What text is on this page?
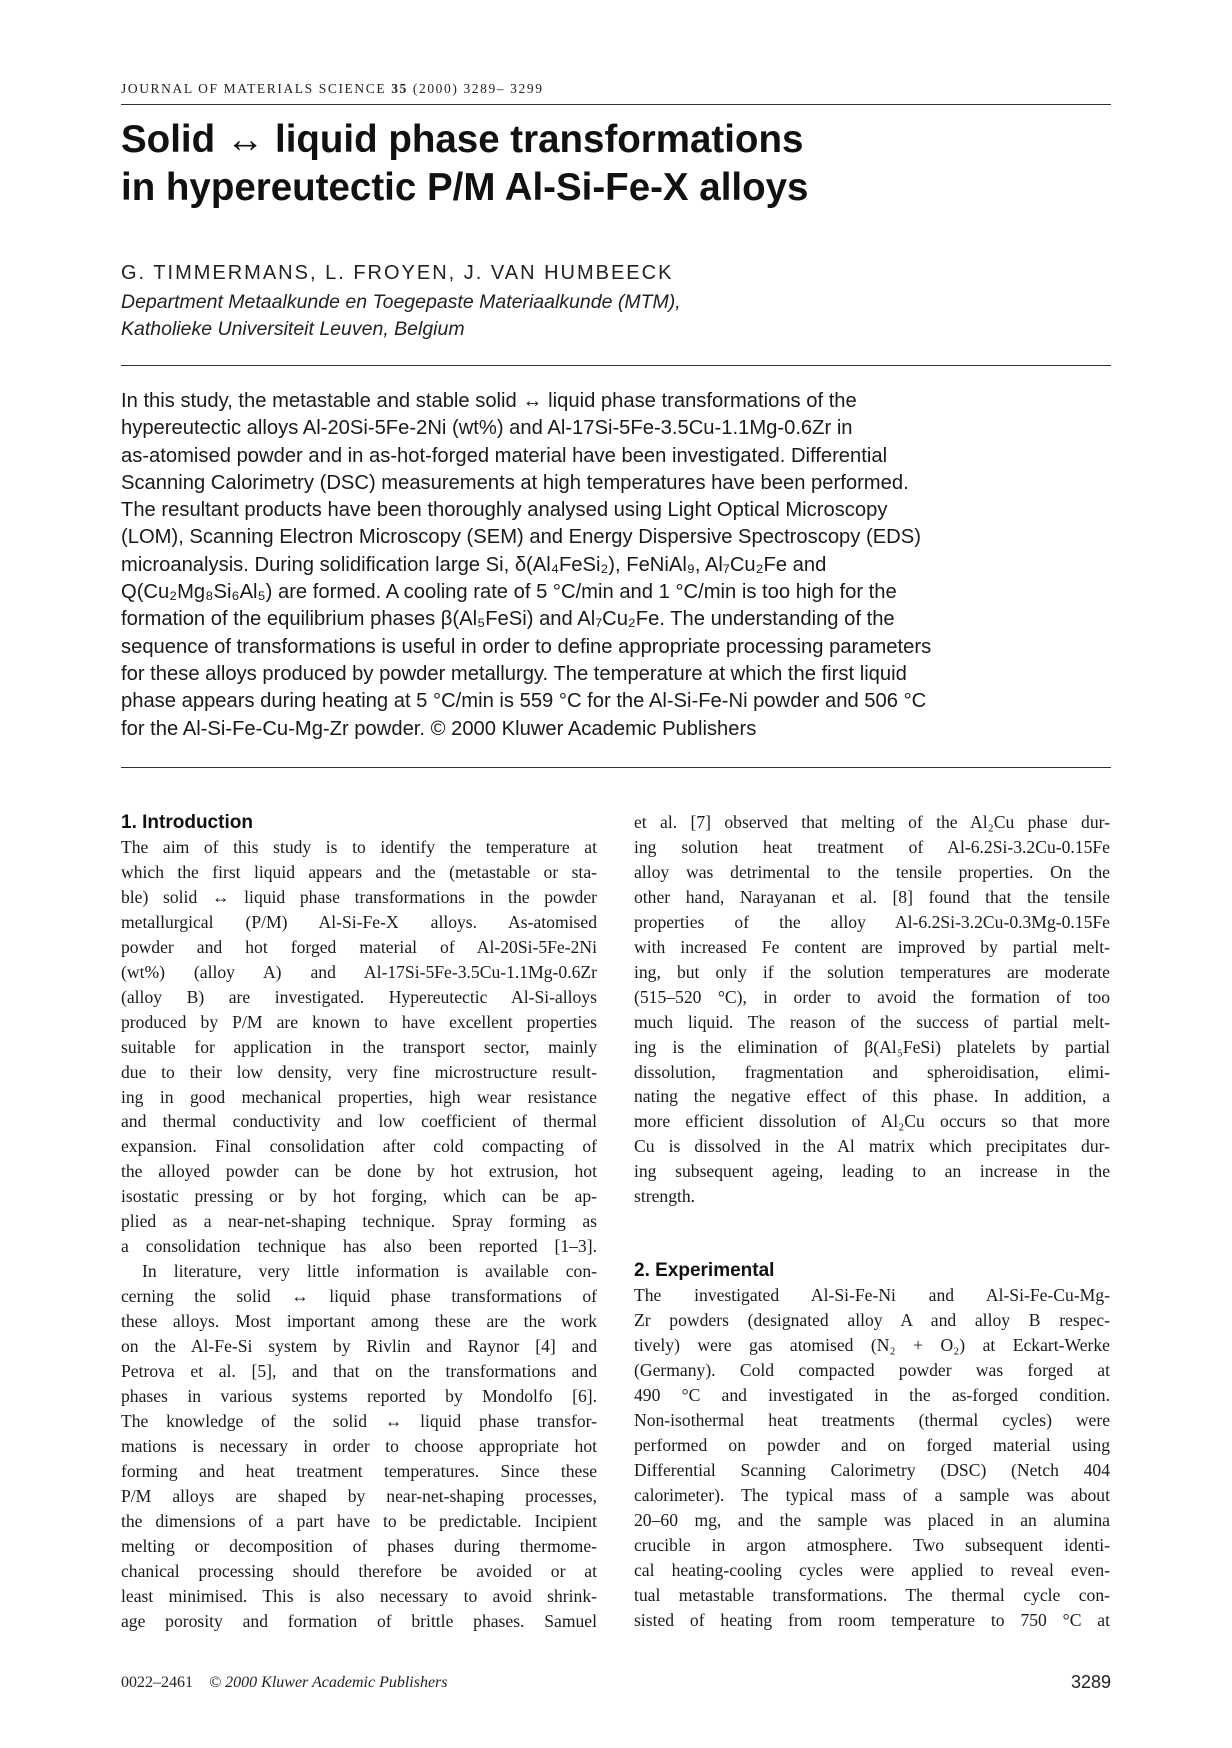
JOURNAL OF MATERIALS SCIENCE 35 (2000) 3289– 3299
Solid ↔ liquid phase transformations
in hypereutectic P/M Al-Si-Fe-X alloys
G. TIMMERMANS, L. FROYEN, J. VAN HUMBEECK
Department Metaalkunde en Toegepaste Materiaalkunde (MTM),
Katholieke Universiteit Leuven, Belgium
In this study, the metastable and stable solid ↔ liquid phase transformations of the
hypereutectic alloys Al-20Si-5Fe-2Ni (wt%) and Al-17Si-5Fe-3.5Cu-1.1Mg-0.6Zr in
as-atomised powder and in as-hot-forged material have been investigated. Differential
Scanning Calorimetry (DSC) measurements at high temperatures have been performed.
The resultant products have been thoroughly analysed using Light Optical Microscopy
(LOM), Scanning Electron Microscopy (SEM) and Energy Dispersive Spectroscopy (EDS)
microanalysis. During solidification large Si, δ(Al₄FeSi₂), FeNiAl₉, Al₇Cu₂Fe and
Q(Cu₂Mg₈Si₆Al₅) are formed. A cooling rate of 5 °C/min and 1 °C/min is too high for the
formation of the equilibrium phases β(Al₅FeSi) and Al₇Cu₂Fe. The understanding of the
sequence of transformations is useful in order to define appropriate processing parameters
for these alloys produced by powder metallurgy. The temperature at which the first liquid
phase appears during heating at 5 °C/min is 559 °C for the Al-Si-Fe-Ni powder and 506 °C
for the Al-Si-Fe-Cu-Mg-Zr powder. © 2000 Kluwer Academic Publishers
1. Introduction
The aim of this study is to identify the temperature at
which the first liquid appears and the (metastable or sta-
ble) solid ↔ liquid phase transformations in the powder
metallurgical (P/M) Al-Si-Fe-X alloys. As-atomised
powder and hot forged material of Al-20Si-5Fe-2Ni
(wt%) (alloy A) and Al-17Si-5Fe-3.5Cu-1.1Mg-0.6Zr
(alloy B) are investigated. Hypereutectic Al-Si-alloys
produced by P/M are known to have excellent properties
suitable for application in the transport sector, mainly
due to their low density, very fine microstructure result-
ing in good mechanical properties, high wear resistance
and thermal conductivity and low coefficient of thermal
expansion. Final consolidation after cold compacting of
the alloyed powder can be done by hot extrusion, hot
isostatic pressing or by hot forging, which can be ap-
plied as a near-net-shaping technique. Spray forming as
a consolidation technique has also been reported [1–3].
In literature, very little information is available con-
cerning the solid ↔ liquid phase transformations of
these alloys. Most important among these are the work
on the Al-Fe-Si system by Rivlin and Raynor [4] and
Petrova et al. [5], and that on the transformations and
phases in various systems reported by Mondolfo [6].
The knowledge of the solid ↔ liquid phase transfor-
mations is necessary in order to choose appropriate hot
forming and heat treatment temperatures. Since these
P/M alloys are shaped by near-net-shaping processes,
the dimensions of a part have to be predictable. Incipient
melting or decomposition of phases during thermome-
chanical processing should therefore be avoided or at
least minimised. This is also necessary to avoid shrink-
age porosity and formation of brittle phases. Samuel
et al. [7] observed that melting of the Al₂Cu phase dur-
ing solution heat treatment of Al-6.2Si-3.2Cu-0.15Fe
alloy was detrimental to the tensile properties. On the
other hand, Narayanan et al. [8] found that the tensile
properties of the alloy Al-6.2Si-3.2Cu-0.3Mg-0.15Fe
with increased Fe content are improved by partial melt-
ing, but only if the solution temperatures are moderate
(515–520 °C), in order to avoid the formation of too
much liquid. The reason of the success of partial melt-
ing is the elimination of β(Al₅FeSi) platelets by partial
dissolution, fragmentation and spheroidisation, elimi-
nating the negative effect of this phase. In addition, a
more efficient dissolution of Al₂Cu occurs so that more
Cu is dissolved in the Al matrix which precipitates dur-
ing subsequent ageing, leading to an increase in the
strength.
2. Experimental
The investigated Al-Si-Fe-Ni and Al-Si-Fe-Cu-Mg-
Zr powders (designated alloy A and alloy B respec-
tively) were gas atomised (N₂ + O₂) at Eckart-Werke
(Germany). Cold compacted powder was forged at
490 °C and investigated in the as-forged condition.
Non-isothermal heat treatments (thermal cycles) were
performed on powder and on forged material using
Differential Scanning Calorimetry (DSC) (Netch 404
calorimeter). The typical mass of a sample was about
20–60 mg, and the sample was placed in an alumina
crucible in argon atmosphere. Two subsequent identi-
cal heating-cooling cycles were applied to reveal even-
tual metastable transformations. The thermal cycle con-
sisted of heating from room temperature to 750 °C at
0022–2461 © 2000 Kluwer Academic Publishers	3289
